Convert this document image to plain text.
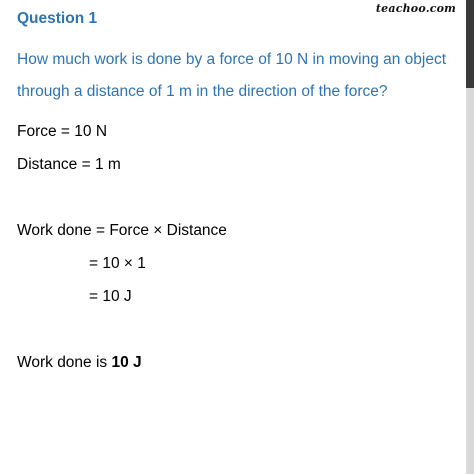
teachoo.com
Question 1
How much work is done by a force of 10 N in moving an object through a distance of 1 m in the direction of the force?
Force = 10 N
Distance = 1 m
Work done = Force × Distance
= 10 × 1
= 10 J
Work done is 10 J
